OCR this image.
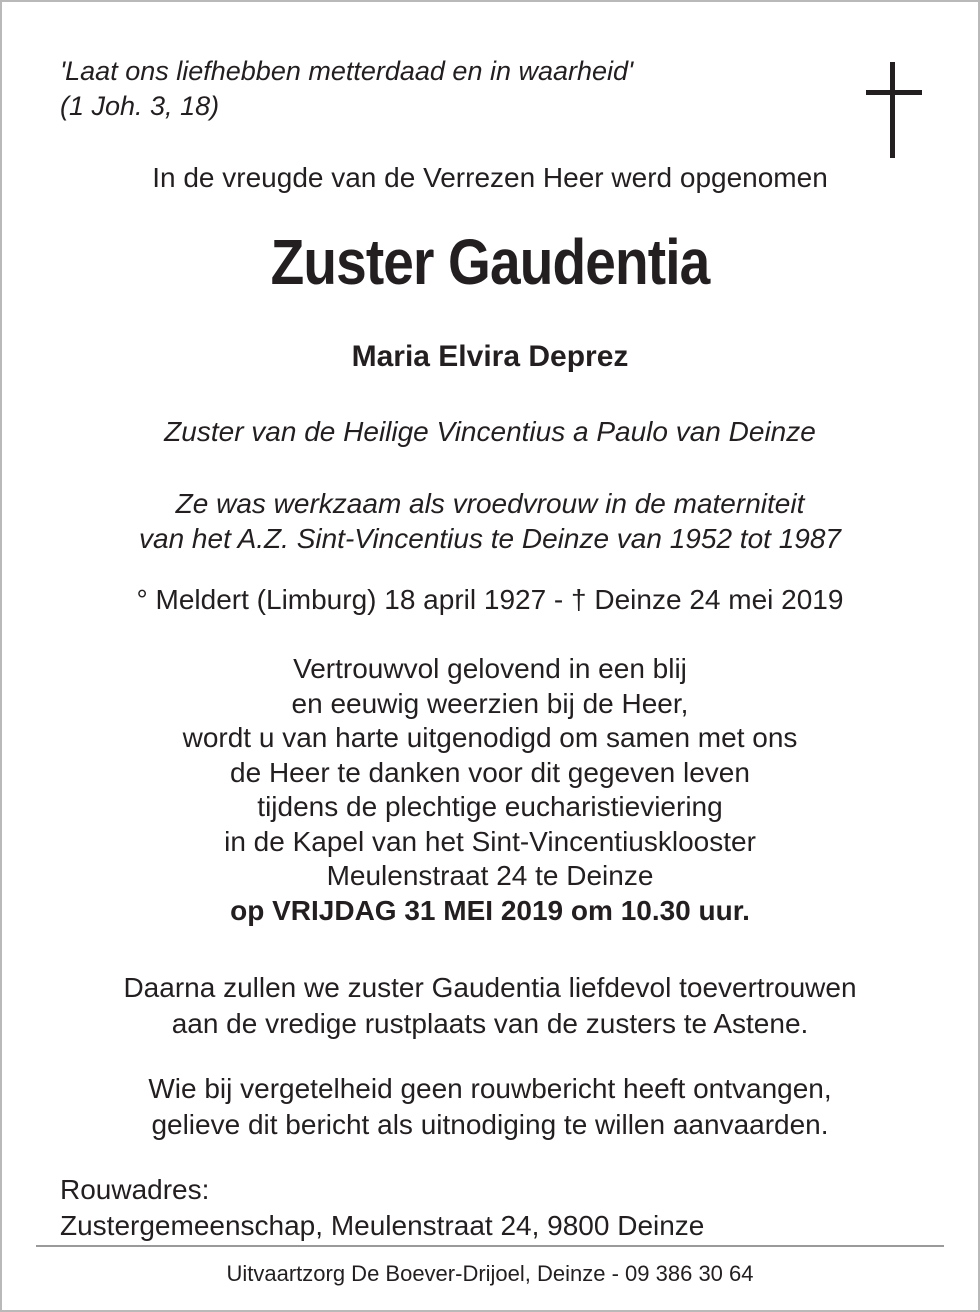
'Laat ons liefhebben metterdaad en in waarheid'
(1 Joh. 3, 18)
In de vreugde van de Verrezen Heer werd opgenomen
Zuster Gaudentia
Maria Elvira Deprez
Zuster van de Heilige Vincentius a Paulo van Deinze
Ze was werkzaam als vroedvrouw in de materniteit
van het A.Z. Sint-Vincentius te Deinze van 1952 tot 1987
° Meldert (Limburg) 18 april 1927 - † Deinze 24 mei 2019
Vertrouwvol gelovend in een blij
en eeuwig weerzien bij de Heer,
wordt u van harte uitgenodigd om samen met ons
de Heer te danken voor dit gegeven leven
tijdens de plechtige eucharistieviering
in de Kapel van het Sint-Vincentiusklooster
Meulenstraat 24 te Deinze
op VRIJDAG 31 MEI 2019 om 10.30 uur.
Daarna zullen we zuster Gaudentia liefdevol toevertrouwen
aan de vredige rustplaats van de zusters te Astene.
Wie bij vergetelheid geen rouwbericht heeft ontvangen,
gelieve dit bericht als uitnodiging te willen aanvaarden.
Rouwadres:
Zustergemeenschap, Meulenstraat 24, 9800 Deinze
Uitvaartzorg De Boever-Drijoel, Deinze - 09 386 30 64
